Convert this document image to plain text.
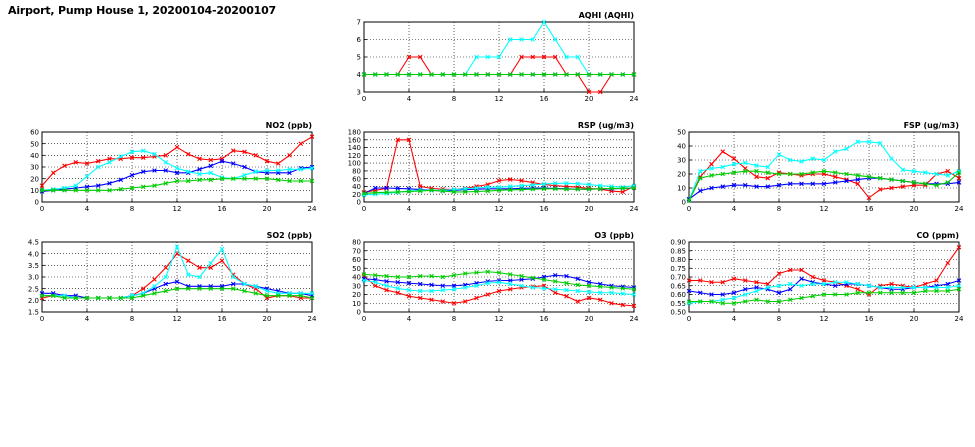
Airport, Pump House 1, 20200104-20200107
3
4
5
6
7
0	4	8	12	16	20	24
AQHI (AQHI)
0
10
20
30
40
50
60
0	4	8	12	16	20	24
NO2 (ppb)
0
20
40
60
80
100
120
140
160
180
0	4	8	12	16	20	24
RSP (ug/m3)
0
10
20
30
40
50
0	4	8	12	16	20	24
FSP (ug/m3)
1.5
2.0
2.5
3.0
3.5
4.0
4.5
0	4	8	12	16	20	24
SO2 (ppb)
0
10
20
30
40
50
60
70
80
0	4	8	12	16	20	24
O3 (ppb)
0.50
0.55
0.60
0.65
0.70
0.75
0.80
0.85
0.90
0	4	8	12	16	20	24
CO (ppm)
